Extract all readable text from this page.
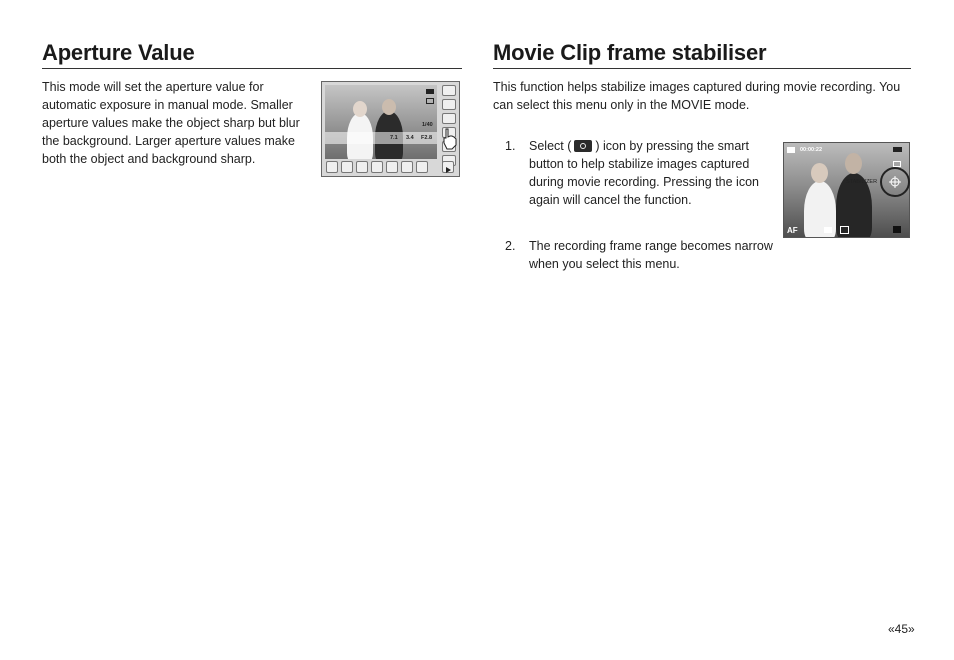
Aperture Value
This mode will set the aperture value for automatic exposure in manual mode. Smaller aperture values make the object sharp but blur the background. Larger aperture values make both the object and background sharp.
7.1 3.4 F2.8
1/40
Movie Clip frame stabiliser
This function helps stabilize images captured during movie recording. You can select this menu only in the MOVIE mode.
1. Select ( ) icon by pressing the smart button to help stabilize images captured during movie recording. Pressing the icon again will cancel the function.
2. The recording frame range becomes narrow when you select this menu.
00:00:22
STABILIZER
AF
«45»
